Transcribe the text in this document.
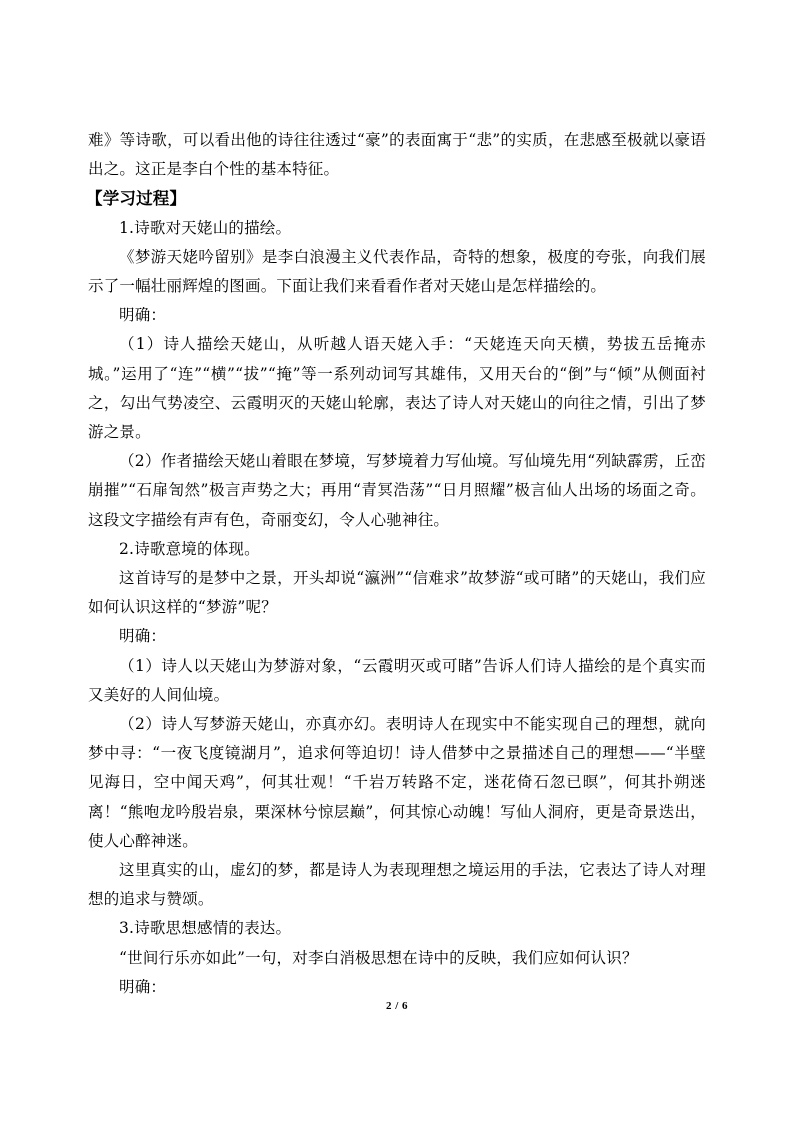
难》等诗歌，可以看出他的诗往往透过“豪”的表面寓于“悲”的实质，在悲感至极就以豪语出之。这正是李白个性的基本特征。

【学习过程】

1.诗歌对天姥山的描绘。

《梦游天姥吟留别》是李白浪漫主义代表作品，奇特的想象，极度的夸张，向我们展示了一幅壮丽辉煌的图画。下面让我们来看看作者对天姥山是怎样描绘的。

明确：

（1）诗人描绘天姥山，从听越人语天姥入手：“天姥连天向天横，势拔五岳掩赤城。”运用了“连”“横”“拔”“掩”等一系列动词写其雄伟，又用天台的“倒”与“倾”从侧面衬之，勾出气势凌空、云霞明灭的天姥山轮廓，表达了诗人对天姥山的向往之情，引出了梦游之景。

（2）作者描绘天姥山着眼在梦境，写梦境着力写仙境。写仙境先用“列缺霹雳，丘峦崩摧”“石扉訇然”极言声势之大；再用“青冥浩荡”“日月照耀”极言仙人出场的场面之奇。这段文字描绘有声有色，奇丽变幻，令人心驰神往。

2.诗歌意境的体现。

这首诗写的是梦中之景，开头却说“瀛洲”“信难求”故梦游“或可睹”的天姥山，我们应如何认识这样的“梦游”呢？

明确：

（1）诗人以天姥山为梦游对象，“云霞明灭或可睹”告诉人们诗人描绘的是个真实而又美好的人间仙境。

（2）诗人写梦游天姥山，亦真亦幻。表明诗人在现实中不能实现自己的理想，就向梦中寻：“一夜飞度镜湖月”，追求何等迫切！诗人借梦中之景描述自己的理想——“半壁见海日，空中闻天鸡”，何其壮观！“千岩万转路不定，迷花倚石忽已暝”，何其扑朔迷离！“熊咆龙吟殷岩泉，栗深林兮惊层巅”，何其惊心动魄！写仙人洞府，更是奇景迭出，使人心醉神迷。

这里真实的山，虚幻的梦，都是诗人为表现理想之境运用的手法，它表达了诗人对理想的追求与赞颂。

3.诗歌思想感情的表达。

“世间行乐亦如此”一句，对李白消极思想在诗中的反映，我们应如何认识？

明确：

2 / 6
